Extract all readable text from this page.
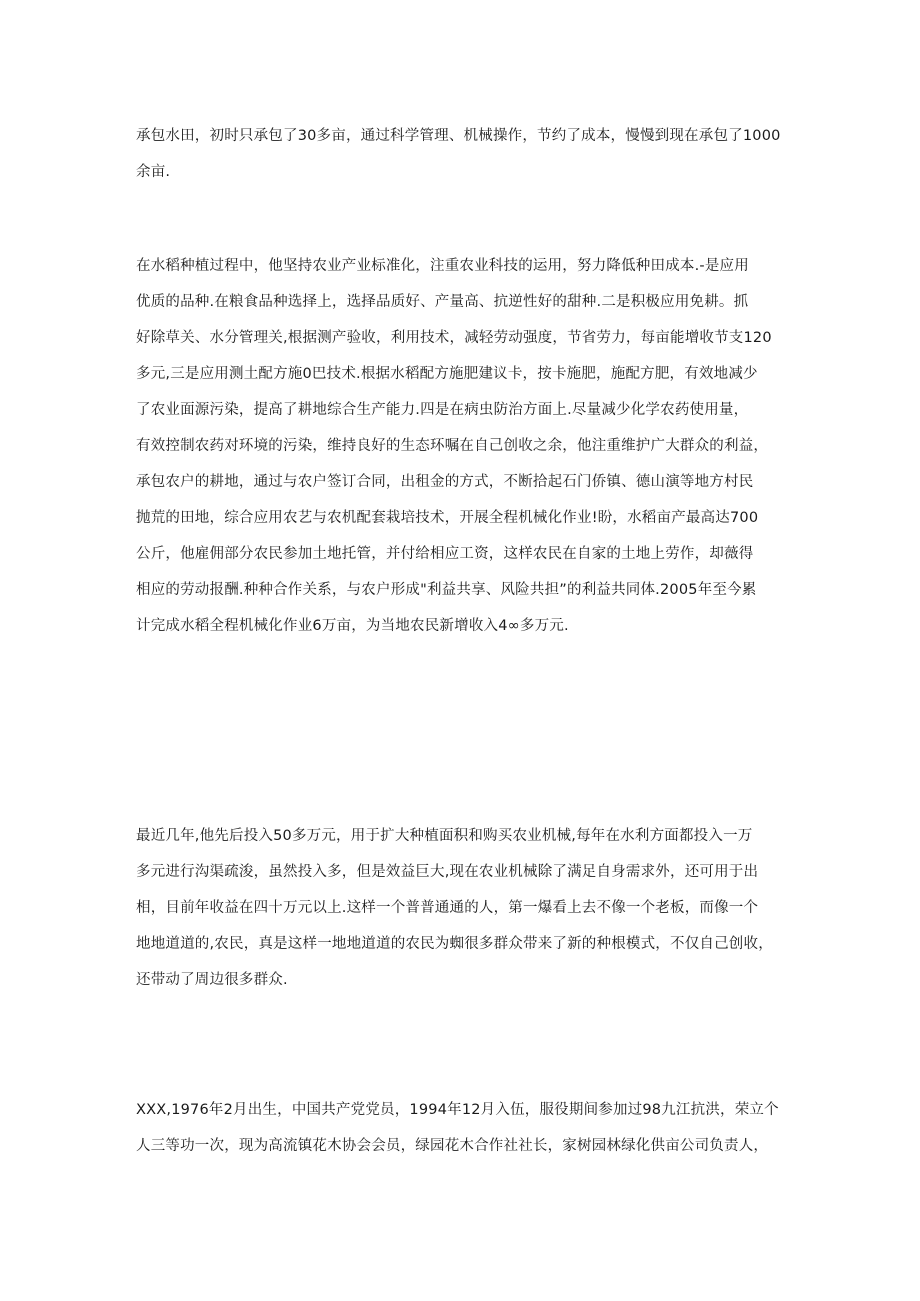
承包水田，初时只承包了30多亩，通过科学管理、机械操作，节约了成本，慢慢到现在承包了1000
余亩.

在水稻种植过程中，他坚持农业产业标准化，注重农业科技的运用，努力降低种田成本.-是应用
优质的品种.在粮食品种选择上，选择品质好、产量高、抗逆性好的甜种.二是积极应用免耕。抓
好除草关、水分管理关,根据测产验收，利用技术，减轻劳动强度，节省劳力，每亩能增收节支120
多元,三是应用测土配方施0巴技术.根据水稻配方施肥建议卡，按卡施肥，施配方肥，有效地减少
了农业面源污染，提高了耕地综合生产能力.四是在病虫防治方面上.尽量减少化学农药使用量，
有效控制农药对环境的污染，维持良好的生态环嘱在自己创收之余，他注重维护广大群众的利益，
承包农户的耕地，通过与农户签订合同，出租金的方式，不断拾起石门侨镇、德山演等地方村民
抛荒的田地，综合应用农艺与农机配套栽培技术，开展全程机械化作业!盼，水稻亩产最高达700
公斤，他雇佣部分农民参加土地托管，并付给相应工资，这样农民在自家的土地上劳作，却薇得
相应的劳动报酬.种种合作关系，与农户形成"利益共享、风险共担”的利益共同体.2005年至今累
计完成水稻全程机械化作业6万亩，为当地农民新增收入4∞多万元.

最近几年,他先后投入50多万元，用于扩大种植面积和购买农业机械,每年在水利方面都投入一万
多元进行沟渠疏浚，虽然投入多，但是效益巨大,现在农业机械除了满足自身需求外，还可用于出
相，目前年收益在四十万元以上.这样一个普普通通的人，第一爆看上去不像一个老板，而像一个
地地道道的,农民，真是这样一地地道道的农民为蜘很多群众带来了新的种根模式，不仅自己创收，
还带动了周边很多群众.

XXX,1976年2月出生，中国共产党党员，1994年12月入伍，服役期间参加过98九江抗洪，荣立个
人三等功一次，现为高流镇花木协会会员，绿园花木合作社社长，家树园林绿化供亩公司负责人，
